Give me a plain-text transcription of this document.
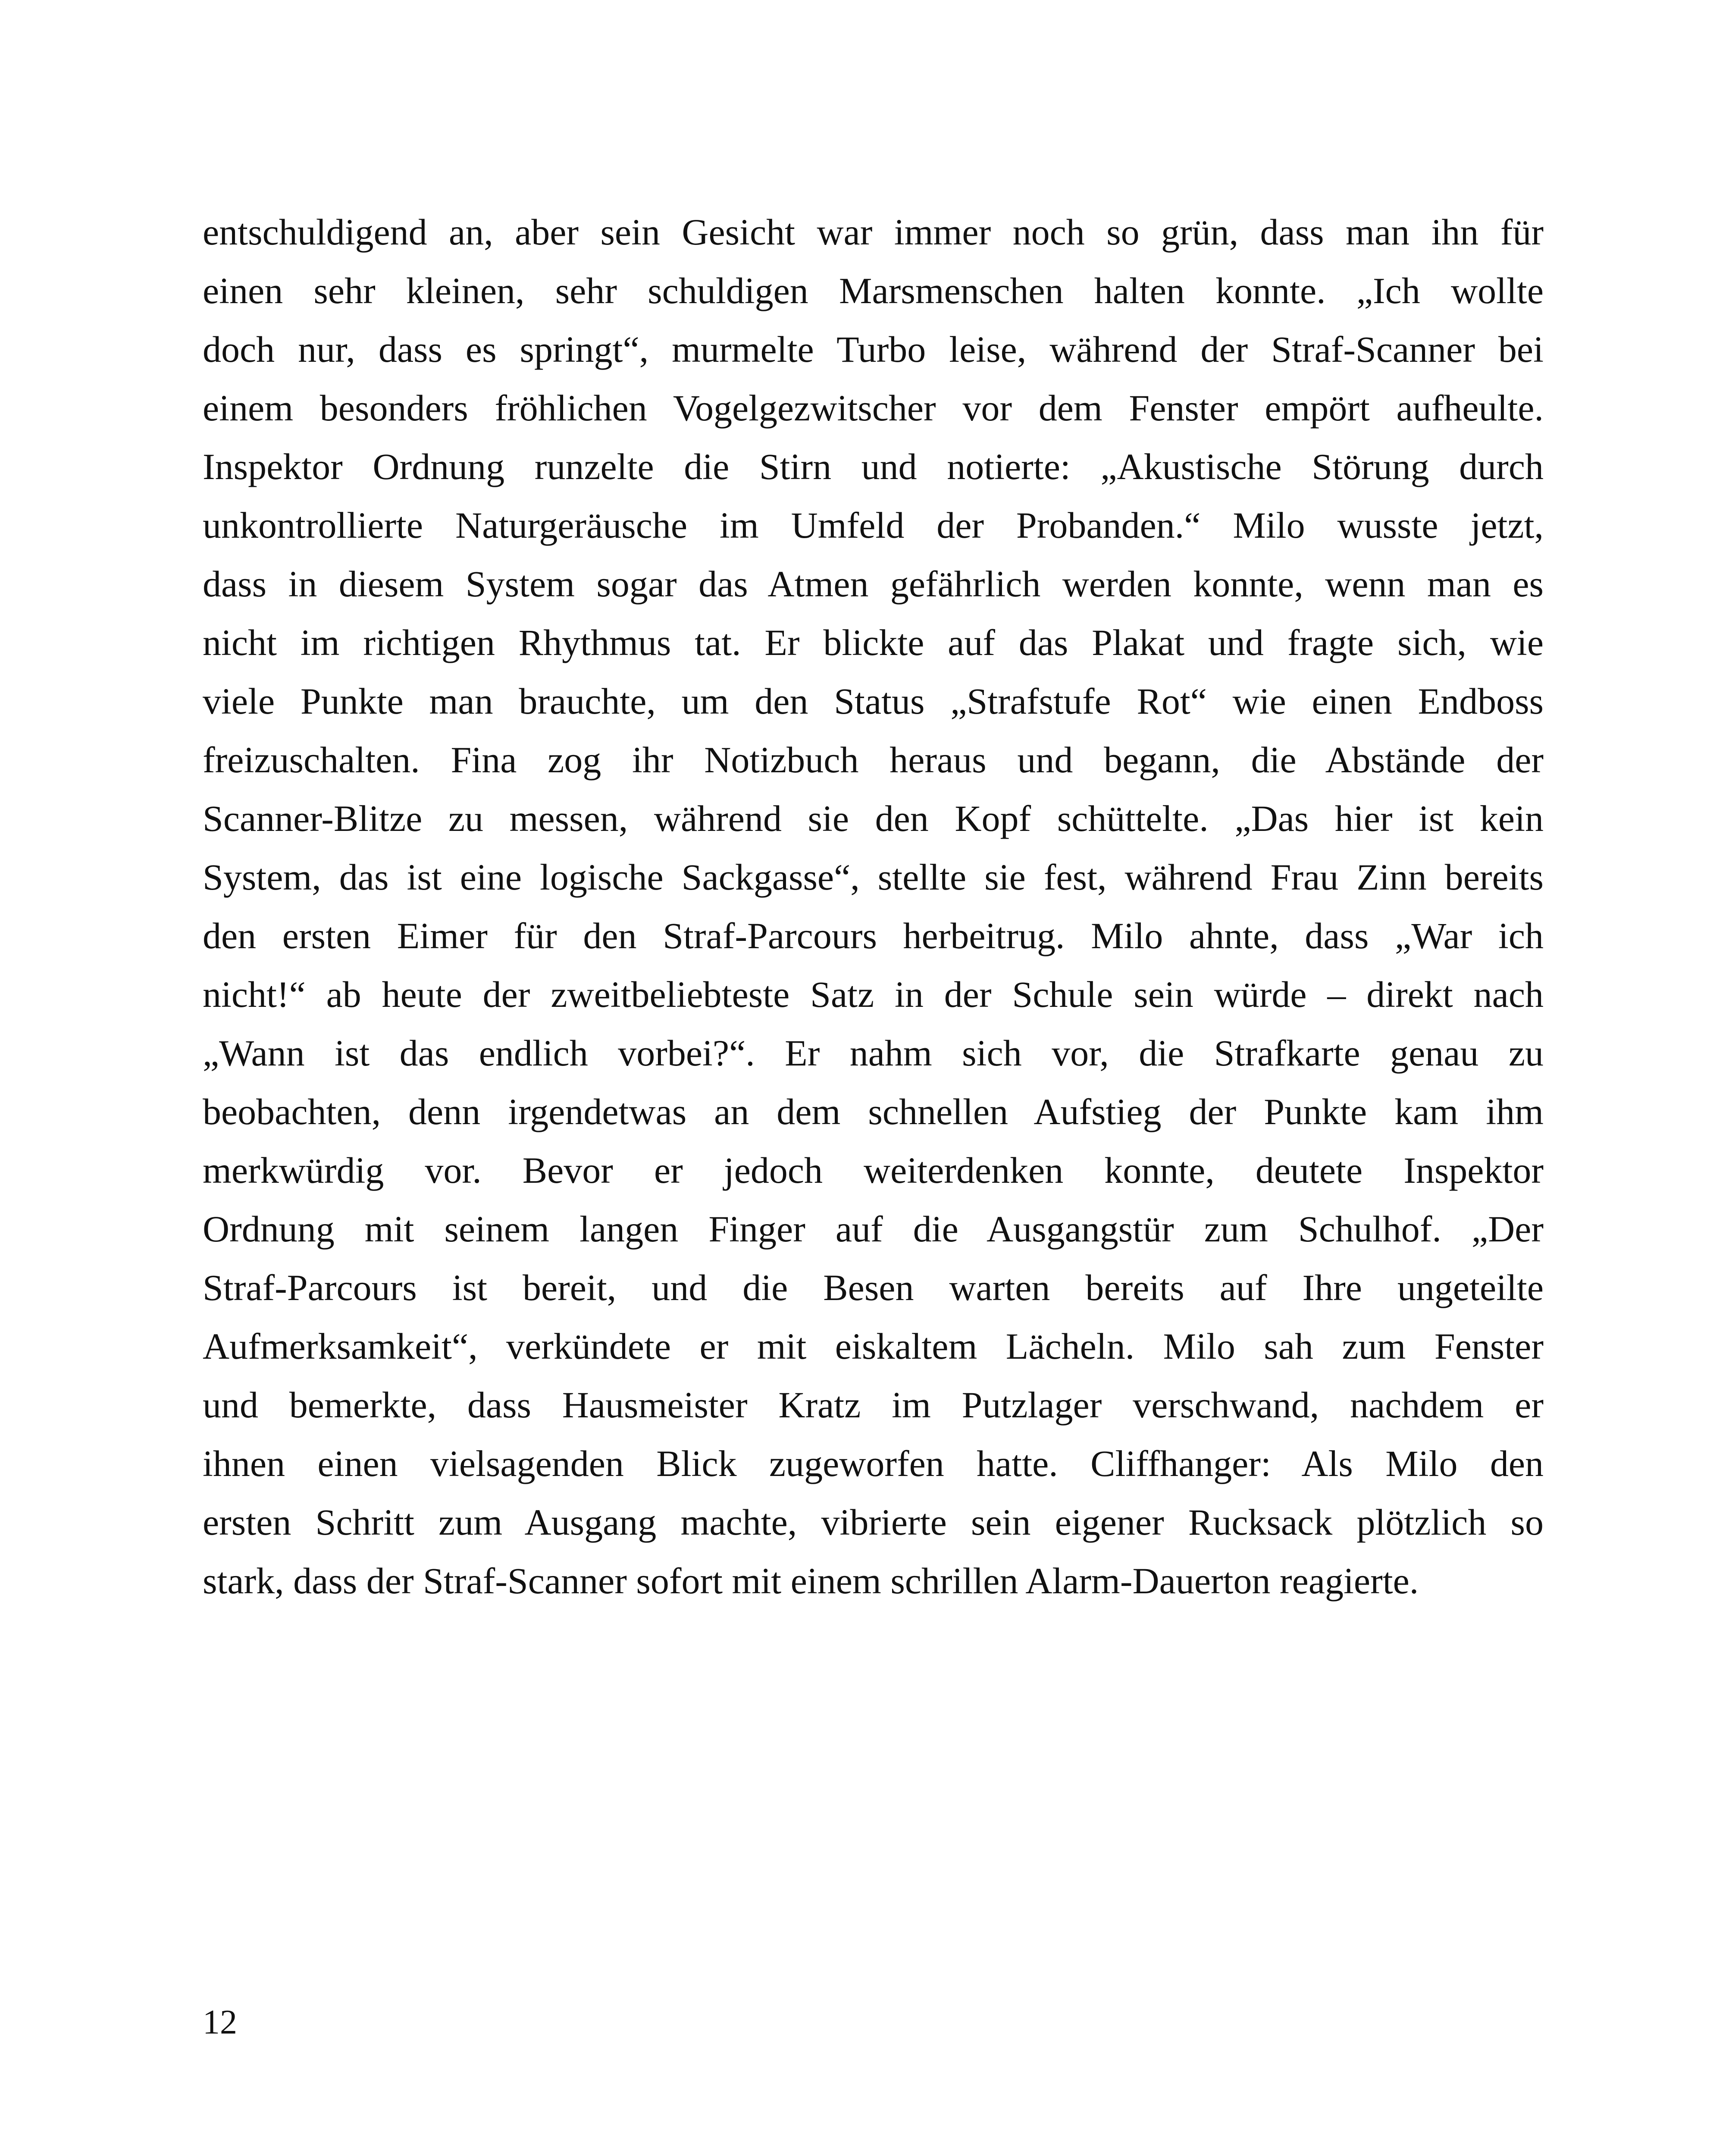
entschuldigend an, aber sein Gesicht war immer noch so grün, dass man ihn für
einen sehr kleinen, sehr schuldigen Marsmenschen halten konnte. „Ich wollte
doch nur, dass es springt“, murmelte Turbo leise, während der Straf-Scanner bei
einem besonders fröhlichen Vogelgezwitscher vor dem Fenster empört aufheulte.
Inspektor Ordnung runzelte die Stirn und notierte: „Akustische Störung durch
unkontrollierte Naturgeräusche im Umfeld der Probanden.“ Milo wusste jetzt,
dass in diesem System sogar das Atmen gefährlich werden konnte, wenn man es
nicht im richtigen Rhythmus tat. Er blickte auf das Plakat und fragte sich, wie
viele Punkte man brauchte, um den Status „Strafstufe Rot“ wie einen Endboss
freizuschalten. Fina zog ihr Notizbuch heraus und begann, die Abstände der
Scanner-Blitze zu messen, während sie den Kopf schüttelte. „Das hier ist kein
System, das ist eine logische Sackgasse“, stellte sie fest, während Frau Zinn bereits
den ersten Eimer für den Straf-Parcours herbeitrug. Milo ahnte, dass „War ich
nicht!“ ab heute der zweitbeliebteste Satz in der Schule sein würde – direkt nach
„Wann ist das endlich vorbei?“. Er nahm sich vor, die Strafkarte genau zu
beobachten, denn irgendetwas an dem schnellen Aufstieg der Punkte kam ihm
merkwürdig vor. Bevor er jedoch weiterdenken konnte, deutete Inspektor
Ordnung mit seinem langen Finger auf die Ausgangstür zum Schulhof. „Der
Straf-Parcours ist bereit, und die Besen warten bereits auf Ihre ungeteilte
Aufmerksamkeit“, verkündete er mit eiskaltem Lächeln. Milo sah zum Fenster
und bemerkte, dass Hausmeister Kratz im Putzlager verschwand, nachdem er
ihnen einen vielsagenden Blick zugeworfen hatte. Cliffhanger: Als Milo den
ersten Schritt zum Ausgang machte, vibrierte sein eigener Rucksack plötzlich so
stark, dass der Straf-Scanner sofort mit einem schrillen Alarm-Dauerton reagierte.
12
